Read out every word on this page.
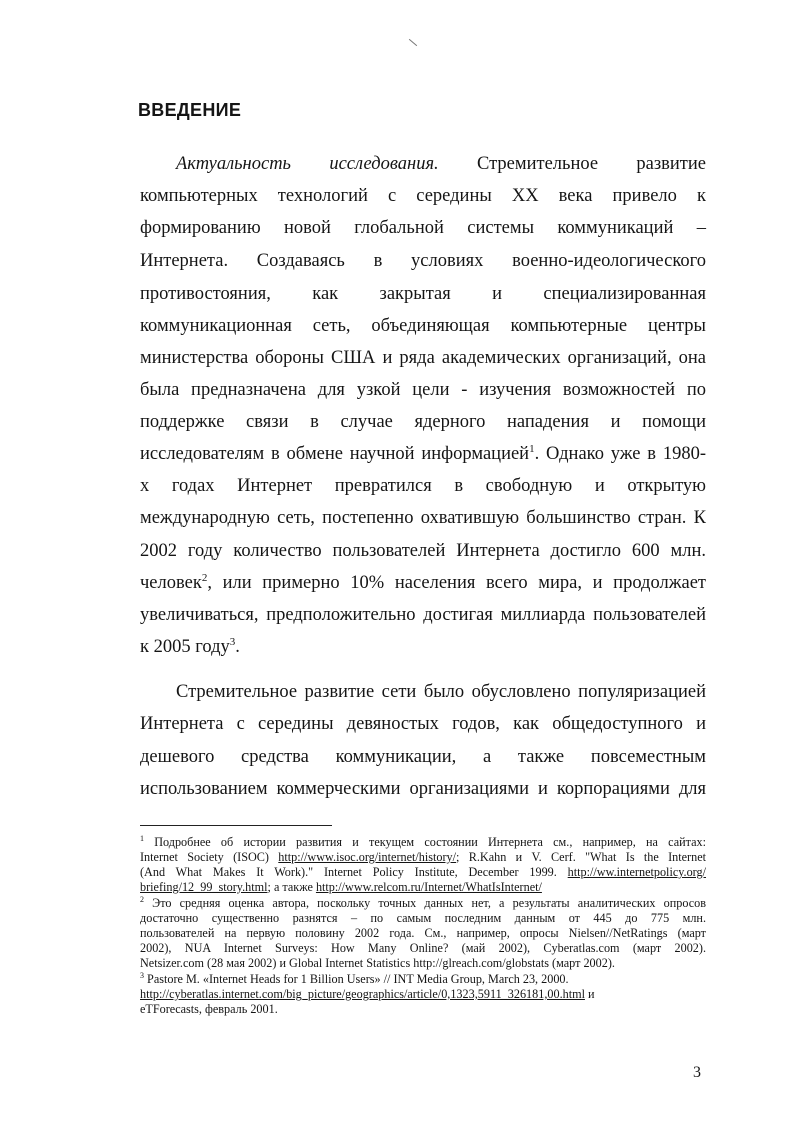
ВВЕДЕНИЕ
Актуальность исследования. Стремительное развитие
компьютерных технологий с середины XX века привело к
формированию новой глобальной системы коммуникаций –
Интернета. Создаваясь в условиях военно-идеологического
противостояния, как закрытая и специализированная
коммуникационная сеть, объединяющая компьютерные центры
министерства обороны США и ряда академических организаций, она
была предназначена для узкой цели - изучения возможностей по
поддержке связи в случае ядерного нападения и помощи
исследователям в обмене научной информацией$^1$. Однако уже в 1980-
х годах Интернет превратился в свободную и открытую
международную сеть, постепенно охватившую большинство стран. К
2002 году количество пользователей Интернета достигло 600 млн.
человек$^2$, или примерно 10% населения всего мира, и продолжает
увеличиваться, предположительно достигая миллиарда пользователей
к 2005 году$^3$.
Стремительное развитие сети было обусловлено популяризацией
Интернета с середины девяностых годов, как общедоступного и
дешевого средства коммуникации, а также повсеместным
использованием коммерческими организациями и корпорациями для
$^1$ Подробнее об истории развития и текущем состоянии Интернета см., например, на сайтах:
Internet Society (ISOC) http://www.isoc.org/internet/history/; R.Kahn и V. Cerf. "What Is the Internet
(And What Makes It Work)." Internet Policy Institute, December 1999. http://ww.internetpolicy.org/
briefing/12_99_story.html; а также http://www.relcom.ru/Internet/WhatIsInternet/
$^2$ Это средняя оценка автора, поскольку точных данных нет, а результаты аналитических опросов
достаточно существенно разнятся – по самым последним данным от 445 до 775 млн.
пользователей на первую половину 2002 года. См., например, опросы Nielsen//NetRatings (март
2002), NUA Internet Surveys: How Many Online? (май 2002), Cyberatlas.com (март 2002).
Netsizer.com (28 мая 2002) и Global Internet Statistics http://glreach.com/globstats (март 2002).
$^3$ Pastore M. «Internet Heads for 1 Billion Users» // INT Media Group, March 23, 2000.
http://cyberatlas.internet.com/big_picture/geographics/article/0,1323,5911_326181,00.html и
eTForecasts, февраль 2001.
3
